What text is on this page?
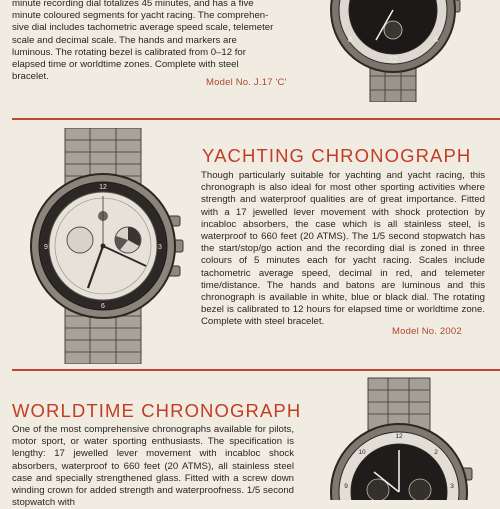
minute recording dial totalizes 45 minutes, and has a five
minute coloured segments for yacht racing. The comprehen-
sive dial includes tachometric average speed scale, telemeter
scale and decimal scale. The hands and markers are
luminous. The rotating bezel is calibrated from 0–12 for
elapsed time or worldtime zones. Complete with steel
bracelet.
Model No. J.17 'C'
12
8	4
12
3
6
9
YACHTING CHRONOGRAPH

Though particularly suitable for yachting and yacht racing, this chronograph is also ideal for most other sporting activities where strength and waterproof qualities are of great importance. Fitted with a 17 jewelled lever movement with shock protection by incabloc absorbers, the case which is all stainless steel, is waterproof to 660 feet (20 ATMS). The 1/5 second stopwatch has the start/stop/go action and the recording dial is zoned in three colours of 5 minutes each for yacht racing. Scales include tachometric average speed, decimal in red, and telemeter time/distance. The hands and batons are luminous and this chronograph is available in white, blue or black dial. The rotating bezel is calibrated to 12 hours for elapsed time or worldtime zone. Complete with steel bracelet.

Model No. 2002
WORLDTIME CHRONOGRAPH

One of the most comprehensive chronographs available for pilots, motor sport, or water sporting enthusiasts. The specification is lengthy: 17 jewelled lever movement with incabloc shock absorbers, waterproof to 660 feet (20 ATMS), all stainless steel case and specially strengthened glass. Fitted with a screw down winding crown for added strength and waterproofness. 1/5 second stopwatch with

12
10	2
9	3
